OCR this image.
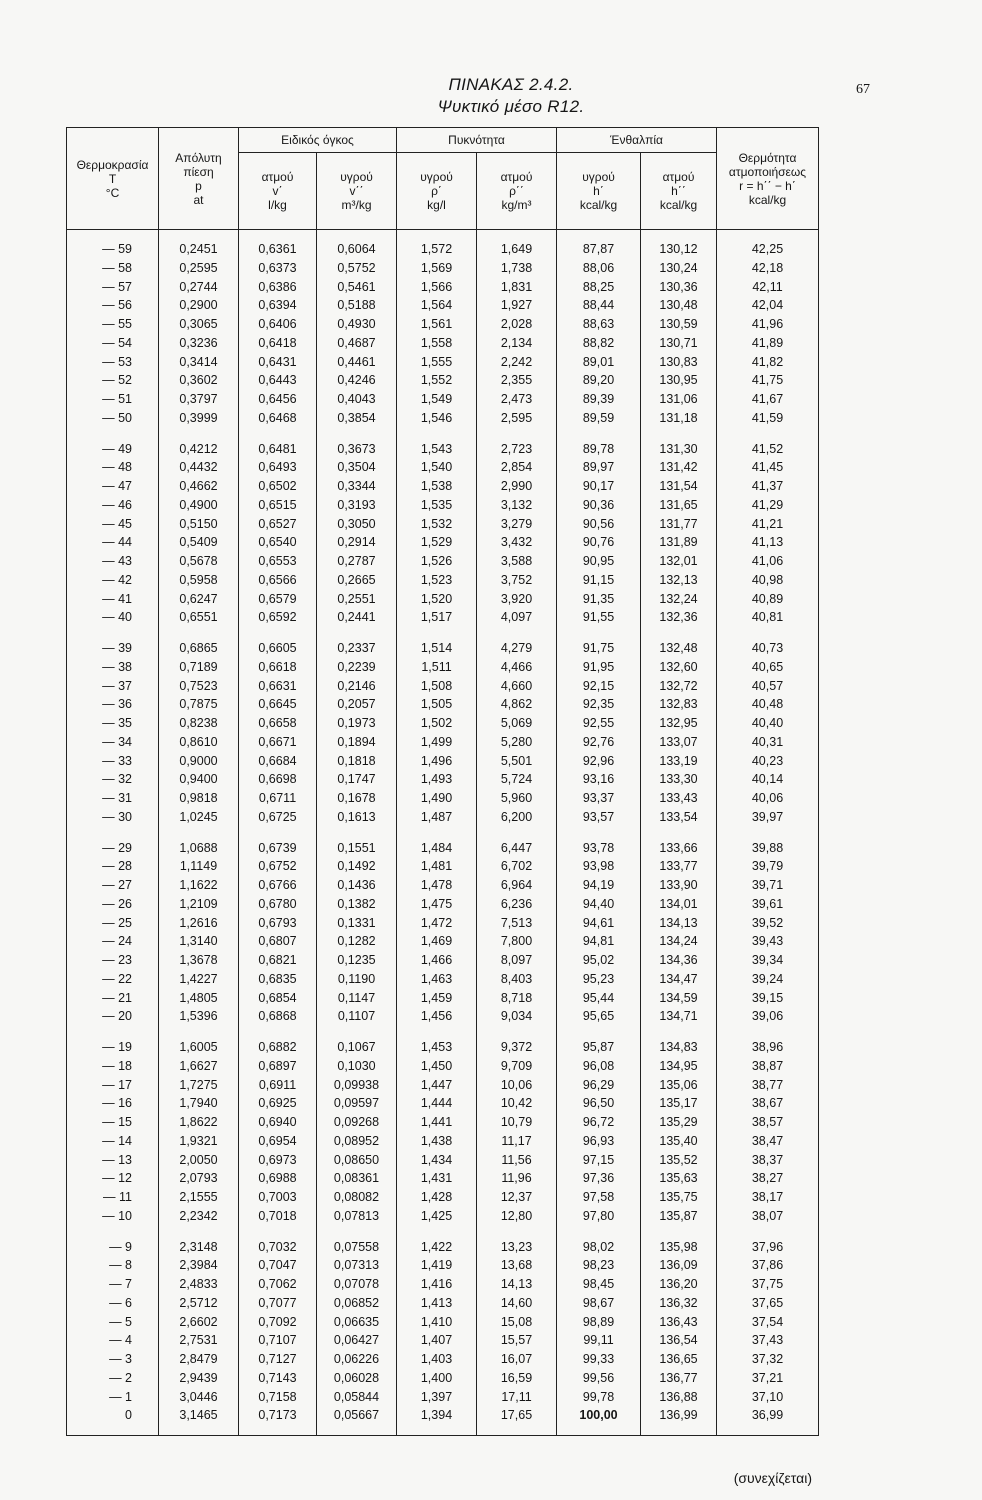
67
ΠΙΝΑΚΑΣ 2.4.2.
Ψυκτικό μέσο R12.
Θερμοκρασία
T
°C	Απόλυτη
πίεση
p
at	Ειδικός όγκος		Πυκνότητα		Ένθαλπία		Θερμότητα
ατμοποιήσεως
r = h΄΄ − h΄
kcal/kg

		ατμού
v΄
l/kg	υγρού
v΄΄
m³/kg	υγρού
ρ΄
kg/l	ατμού
ρ΄΄
kg/m³	υγρού
h΄
kcal/kg	ατμού
h΄΄
kcal/kg	

— 59	0,2451	0,6361	0,6064	1,572	1,649	87,87	130,12	42,25
— 58	0,2595	0,6373	0,5752	1,569	1,738	88,06	130,24	42,18
— 57	0,2744	0,6386	0,5461	1,566	1,831	88,25	130,36	42,11
— 56	0,2900	0,6394	0,5188	1,564	1,927	88,44	130,48	42,04
— 55	0,3065	0,6406	0,4930	1,561	2,028	88,63	130,59	41,96
— 54	0,3236	0,6418	0,4687	1,558	2,134	88,82	130,71	41,89
— 53	0,3414	0,6431	0,4461	1,555	2,242	89,01	130,83	41,82
— 52	0,3602	0,6443	0,4246	1,552	2,355	89,20	130,95	41,75
— 51	0,3797	0,6456	0,4043	1,549	2,473	89,39	131,06	41,67
— 50	0,3999	0,6468	0,3854	1,546	2,595	89,59	131,18	41,59

— 49	0,4212	0,6481	0,3673	1,543	2,723	89,78	131,30	41,52
— 48	0,4432	0,6493	0,3504	1,540	2,854	89,97	131,42	41,45
— 47	0,4662	0,6502	0,3344	1,538	2,990	90,17	131,54	41,37
— 46	0,4900	0,6515	0,3193	1,535	3,132	90,36	131,65	41,29
— 45	0,5150	0,6527	0,3050	1,532	3,279	90,56	131,77	41,21
— 44	0,5409	0,6540	0,2914	1,529	3,432	90,76	131,89	41,13
— 43	0,5678	0,6553	0,2787	1,526	3,588	90,95	132,01	41,06
— 42	0,5958	0,6566	0,2665	1,523	3,752	91,15	132,13	40,98
— 41	0,6247	0,6579	0,2551	1,520	3,920	91,35	132,24	40,89
— 40	0,6551	0,6592	0,2441	1,517	4,097	91,55	132,36	40,81

— 39	0,6865	0,6605	0,2337	1,514	4,279	91,75	132,48	40,73
— 38	0,7189	0,6618	0,2239	1,511	4,466	91,95	132,60	40,65
— 37	0,7523	0,6631	0,2146	1,508	4,660	92,15	132,72	40,57
— 36	0,7875	0,6645	0,2057	1,505	4,862	92,35	132,83	40,48
— 35	0,8238	0,6658	0,1973	1,502	5,069	92,55	132,95	40,40
— 34	0,8610	0,6671	0,1894	1,499	5,280	92,76	133,07	40,31
— 33	0,9000	0,6684	0,1818	1,496	5,501	92,96	133,19	40,23
— 32	0,9400	0,6698	0,1747	1,493	5,724	93,16	133,30	40,14
— 31	0,9818	0,6711	0,1678	1,490	5,960	93,37	133,43	40,06
— 30	1,0245	0,6725	0,1613	1,487	6,200	93,57	133,54	39,97

— 29	1,0688	0,6739	0,1551	1,484	6,447	93,78	133,66	39,88
— 28	1,1149	0,6752	0,1492	1,481	6,702	93,98	133,77	39,79
— 27	1,1622	0,6766	0,1436	1,478	6,964	94,19	133,90	39,71
— 26	1,2109	0,6780	0,1382	1,475	6,236	94,40	134,01	39,61
— 25	1,2616	0,6793	0,1331	1,472	7,513	94,61	134,13	39,52
— 24	1,3140	0,6807	0,1282	1,469	7,800	94,81	134,24	39,43
— 23	1,3678	0,6821	0,1235	1,466	8,097	95,02	134,36	39,34
— 22	1,4227	0,6835	0,1190	1,463	8,403	95,23	134,47	39,24
— 21	1,4805	0,6854	0,1147	1,459	8,718	95,44	134,59	39,15
— 20	1,5396	0,6868	0,1107	1,456	9,034	95,65	134,71	39,06

— 19	1,6005	0,6882	0,1067	1,453	9,372	95,87	134,83	38,96
— 18	1,6627	0,6897	0,1030	1,450	9,709	96,08	134,95	38,87
— 17	1,7275	0,6911	0,09938	1,447	10,06	96,29	135,06	38,77
— 16	1,7940	0,6925	0,09597	1,444	10,42	96,50	135,17	38,67
— 15	1,8622	0,6940	0,09268	1,441	10,79	96,72	135,29	38,57
— 14	1,9321	0,6954	0,08952	1,438	11,17	96,93	135,40	38,47
— 13	2,0050	0,6973	0,08650	1,434	11,56	97,15	135,52	38,37
— 12	2,0793	0,6988	0,08361	1,431	11,96	97,36	135,63	38,27
— 11	2,1555	0,7003	0,08082	1,428	12,37	97,58	135,75	38,17
— 10	2,2342	0,7018	0,07813	1,425	12,80	97,80	135,87	38,07

— 9	2,3148	0,7032	0,07558	1,422	13,23	98,02	135,98	37,96
— 8	2,3984	0,7047	0,07313	1,419	13,68	98,23	136,09	37,86
— 7	2,4833	0,7062	0,07078	1,416	14,13	98,45	136,20	37,75
— 6	2,5712	0,7077	0,06852	1,413	14,60	98,67	136,32	37,65
— 5	2,6602	0,7092	0,06635	1,410	15,08	98,89	136,43	37,54
— 4	2,7531	0,7107	0,06427	1,407	15,57	99,11	136,54	37,43
— 3	2,8479	0,7127	0,06226	1,403	16,07	99,33	136,65	37,32
— 2	2,9439	0,7143	0,06028	1,400	16,59	99,56	136,77	37,21
— 1	3,0446	0,7158	0,05844	1,397	17,11	99,78	136,88	37,10
0	3,1465	0,7173	0,05667	1,394	17,65	100,00	136,99	36,99

(συνεχίζεται)
